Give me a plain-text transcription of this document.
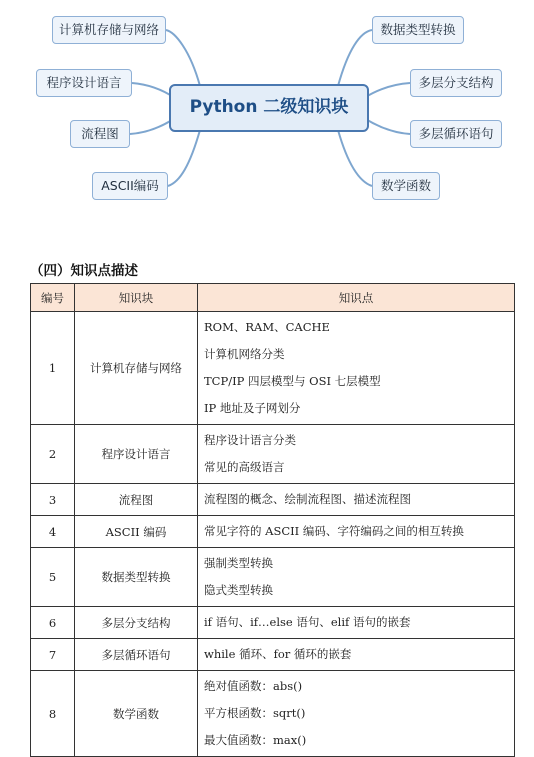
计算机存储与网络
程序设计语言
流程图
ASCII编码
Python 二级知识块
数据类型转换
多层分支结构
多层循环语句
数学函数
（四）知识点描述
编号	知识块	知识点
1	计算机存储与网络	ROM、RAM、CACHE
计算机网络分类
TCP/IP 四层模型与 OSI 七层模型
IP 地址及子网划分

2	程序设计语言	程序设计语言分类
常见的高级语言

3	流程图	流程图的概念、绘制流程图、描述流程图

4	ASCII 编码	常见字符的 ASCII 编码、字符编码之间的相互转换

5	数据类型转换	强制类型转换
隐式类型转换

6	多层分支结构	if 语句、if…else 语句、elif 语句的嵌套

7	多层循环语句	while 循环、for 循环的嵌套

8	数学函数	绝对值函数：abs()
平方根函数：sqrt()
最大值函数：max()
